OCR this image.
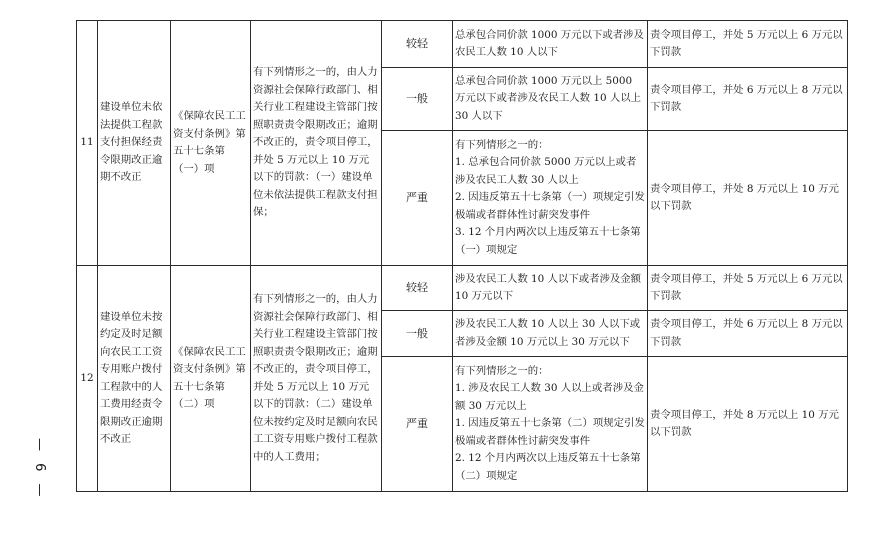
— 6 —
11	建设单位未依法提供工程款支付担保经责令限期改正逾期不改正	《保障农民工工资支付条例》第五十七条第（一）项	有下列情形之一的，由人力资源社会保障行政部门、相关行业工程建设主管部门按照职责责令限期改正；逾期不改正的，责令项目停工，并处 5 万元以上 10 万元以下的罚款：（一）建设单位未依法提供工程款支付担保；	较轻	总承包合同价款 1000 万元以下或者涉及农民工人数 10 人以下	责令项目停工，并处 5 万元以上 6 万元以下罚款
				一般	总承包合同价款 1000 万元以上 5000 万元以下或者涉及农民工人数 10 人以上 30 人以下	责令项目停工，并处 6 万元以上 8 万元以下罚款
				严重	有下列情形之一的：
1. 总承包合同价款 5000 万元以上或者涉及农民工人数 30 人以上
2. 因违反第五十七条第（一）项规定引发极端或者群体性讨薪突发事件
3. 12 个月内两次以上违反第五十七条第（一）项规定	责令项目停工，并处 8 万元以上 10 万元以下罚款
12	建设单位未按约定及时足额向农民工工资专用账户拨付工程款中的人工费用经责令限期改正逾期不改正	《保障农民工工资支付条例》第五十七条第（二）项	有下列情形之一的，由人力资源社会保障行政部门、相关行业工程建设主管部门按照职责责令限期改正；逾期不改正的，责令项目停工，并处 5 万元以上 10 万元以下的罚款：（二）建设单位未按约定及时足额向农民工工资专用账户拨付工程款中的人工费用；	较轻	涉及农民工人数 10 人以下或者涉及金额 10 万元以下	责令项目停工，并处 5 万元以上 6 万元以下罚款
				一般	涉及农民工人数 10 人以上 30 人以下或者涉及金额 10 万元以上 30 万元以下	责令项目停工，并处 6 万元以上 8 万元以下罚款
				严重	有下列情形之一的：
1. 涉及农民工人数 30 人以上或者涉及金额 30 万元以上
1. 因违反第五十七条第（二）项规定引发极端或者群体性讨薪突发事件
2. 12 个月内两次以上违反第五十七条第（二）项规定	责令项目停工，并处 8 万元以上 10 万元以下罚款
